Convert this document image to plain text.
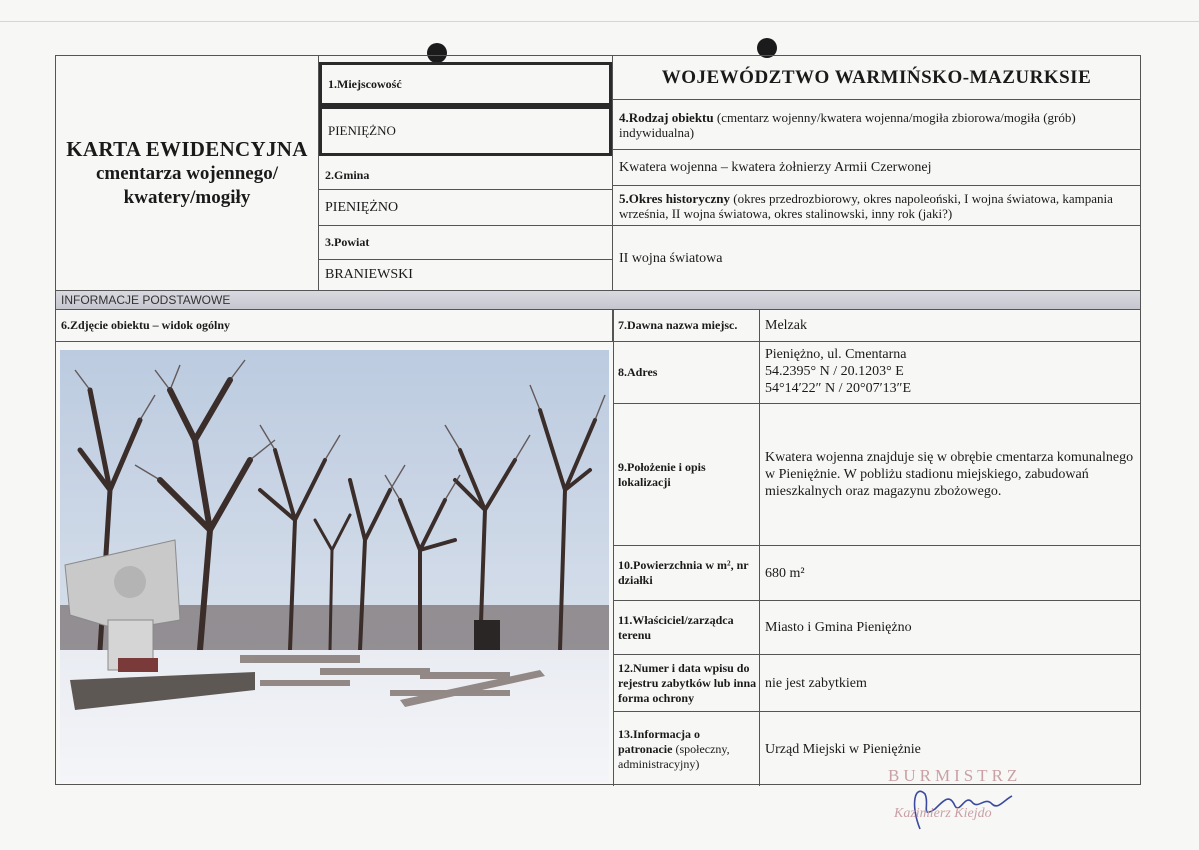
KARTA EWIDENCYJNA
cmentarza wojennego/
kwatery/mogiły
1.Miejscowość
PIENIĘŻNO
2.Gmina
PIENIĘŻNO
3.Powiat
BRANIEWSKI
WOJEWÓDZTWO WARMIŃSKO-MAZURKSIE
4.Rodzaj obiektu (cmentarz wojenny/kwatera wojenna/mogiła zbiorowa/mogiła (grób) indywidualna)
Kwatera wojenna – kwatera żołnierzy Armii Czerwonej
5.Okres historyczny (okres przedrozbiorowy, okres napoleoński, I wojna światowa, kampania września, II wojna światowa, okres stalinowski, inny rok (jaki?)
II wojna światowa
INFORMACJE PODSTAWOWE
6.Zdjęcie obiektu – widok ogólny	7.Dawna nazwa miejsc.	Melzak
8.Adres
Pieniężno, ul. Cmentarna
54.2395° N / 20.1203° E
54°14′22″ N / 20°07′13″E
9.Położenie i opis lokalizacji
Kwatera wojenna znajduje się w obrębie cmentarza komunalnego w Pieniężnie. W pobliżu stadionu miejskiego, zabudowań mieszkalnych oraz magazynu zbożowego.
10.Powierzchnia w m², nr działki	680 m²
11.Właściciel/zarządca terenu	Miasto i Gmina Pieniężno
12.Numer i data wpisu do rejestru zabytków lub inna forma ochrony
nie jest zabytkiem
13.Informacja o
patronacie (społeczny, administracyjny)
Urząd Miejski w Pieniężnie
BURMISTRZ
Kazimierz Kiejdo
